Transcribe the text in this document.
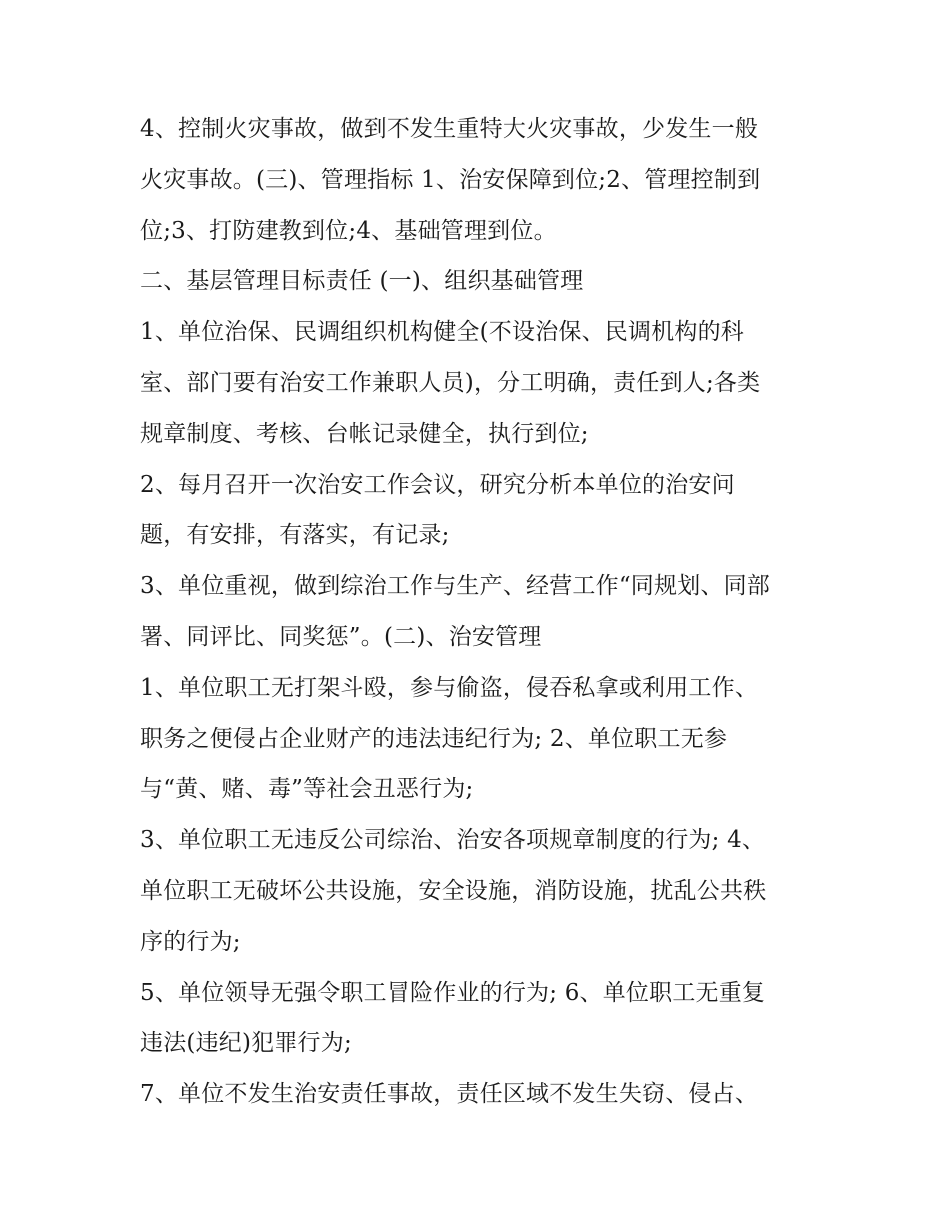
4、控制火灾事故，做到不发生重特大火灾事故，少发生一般
火灾事故。(三)、管理指标 1、治安保障到位;2、管理控制到
位;3、打防建教到位;4、基础管理到位。
二、基层管理目标责任 (一)、组织基础管理
1、单位治保、民调组织机构健全(不设治保、民调机构的科
室、部门要有治安工作兼职人员)，分工明确，责任到人;各类
规章制度、考核、台帐记录健全，执行到位;
2、每月召开一次治安工作会议，研究分析本单位的治安问
题，有安排，有落实，有记录;
3、单位重视，做到综治工作与生产、经营工作“同规划、同部
署、同评比、同奖惩”。(二)、治安管理
1、单位职工无打架斗殴，参与偷盗，侵吞私拿或利用工作、
职务之便侵占企业财产的违法违纪行为; 2、单位职工无参
与“黄、赌、毒”等社会丑恶行为;
3、单位职工无违反公司综治、治安各项规章制度的行为; 4、
单位职工无破坏公共设施，安全设施，消防设施，扰乱公共秩
序的行为;
5、单位领导无强令职工冒险作业的行为; 6、单位职工无重复
违法(违纪)犯罪行为;
7、单位不发生治安责任事故，责任区域不发生失窃、侵占、
